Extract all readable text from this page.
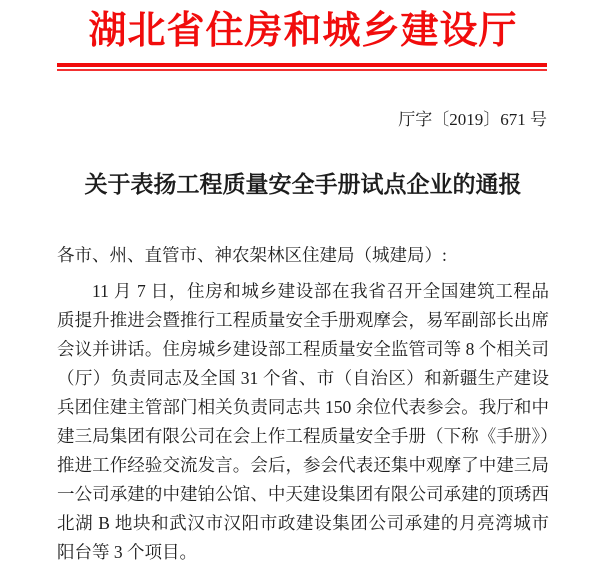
湖北省住房和城乡建设厅
厅字〔2019〕671 号
关于表扬工程质量安全手册试点企业的通报

各市、州、直管市、神农架林区住建局（城建局）:

11 月 7 日，住房和城乡建设部在我省召开全国建筑工程品质提升推进会暨推行工程质量安全手册观摩会，易军副部长出席会议并讲话。住房城乡建设部工程质量安全监管司等 8 个相关司（厅）负责同志及全国 31 个省、市（自治区）和新疆生产建设兵团住建主管部门相关负责同志共 150 余位代表参会。我厅和中建三局集团有限公司在会上作工程质量安全手册（下称《手册》）推进工作经验交流发言。会后，参会代表还集中观摩了中建三局一公司承建的中建铂公馆、中天建设集团有限公司承建的顶琇西北湖 B 地块和武汉市汉阳市政建设集团公司承建的月亮湾城市阳台等 3 个项目。
